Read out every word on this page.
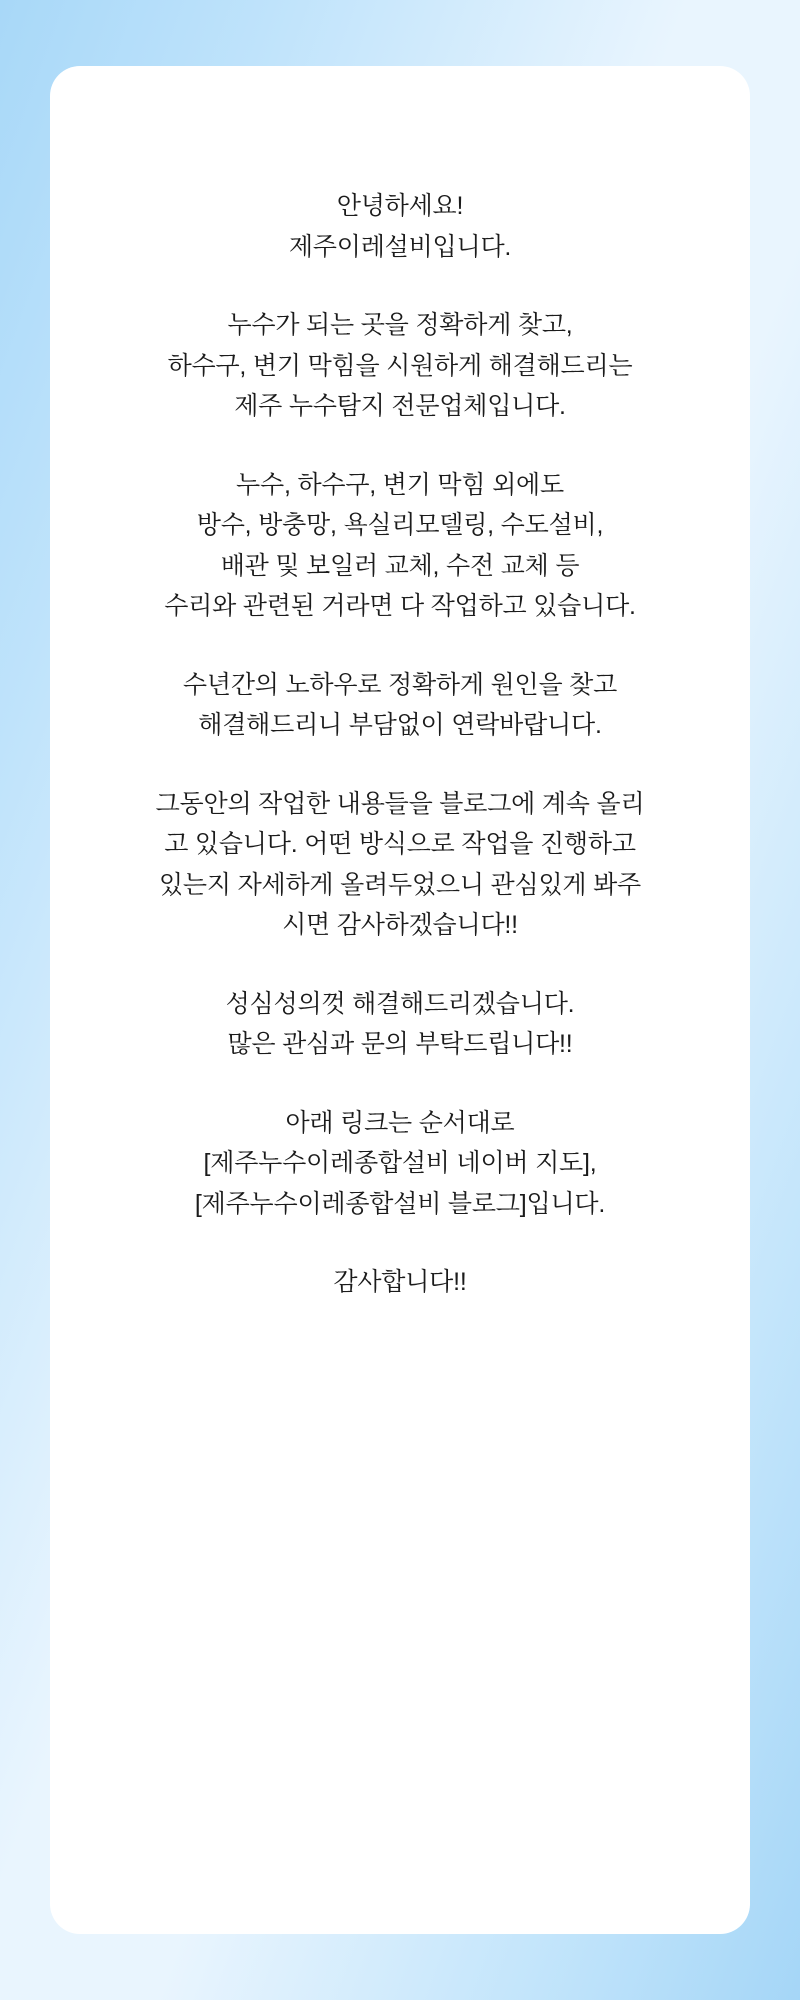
안녕하세요!
제주이레설비입니다.

누수가 되는 곳을 정확하게 찾고,
하수구, 변기 막힘을 시원하게 해결해드리는
제주 누수탐지 전문업체입니다.

누수, 하수구, 변기 막힘 외에도
방수, 방충망, 욕실리모델링, 수도설비,
배관 및 보일러 교체, 수전 교체 등
수리와 관련된 거라면 다 작업하고 있습니다.

수년간의 노하우로 정확하게 원인을 찾고
해결해드리니 부담없이 연락바랍니다.

그동안의 작업한 내용들을 블로그에 계속 올리
고 있습니다. 어떤 방식으로 작업을 진행하고
있는지 자세하게 올려두었으니 관심있게 봐주
시면 감사하겠습니다!!

성심성의껏 해결해드리겠습니다.
많은 관심과 문의 부탁드립니다!!

아래 링크는 순서대로
[제주누수이레종합설비 네이버 지도],
[제주누수이레종합설비 블로그]입니다.

감사합니다!!
